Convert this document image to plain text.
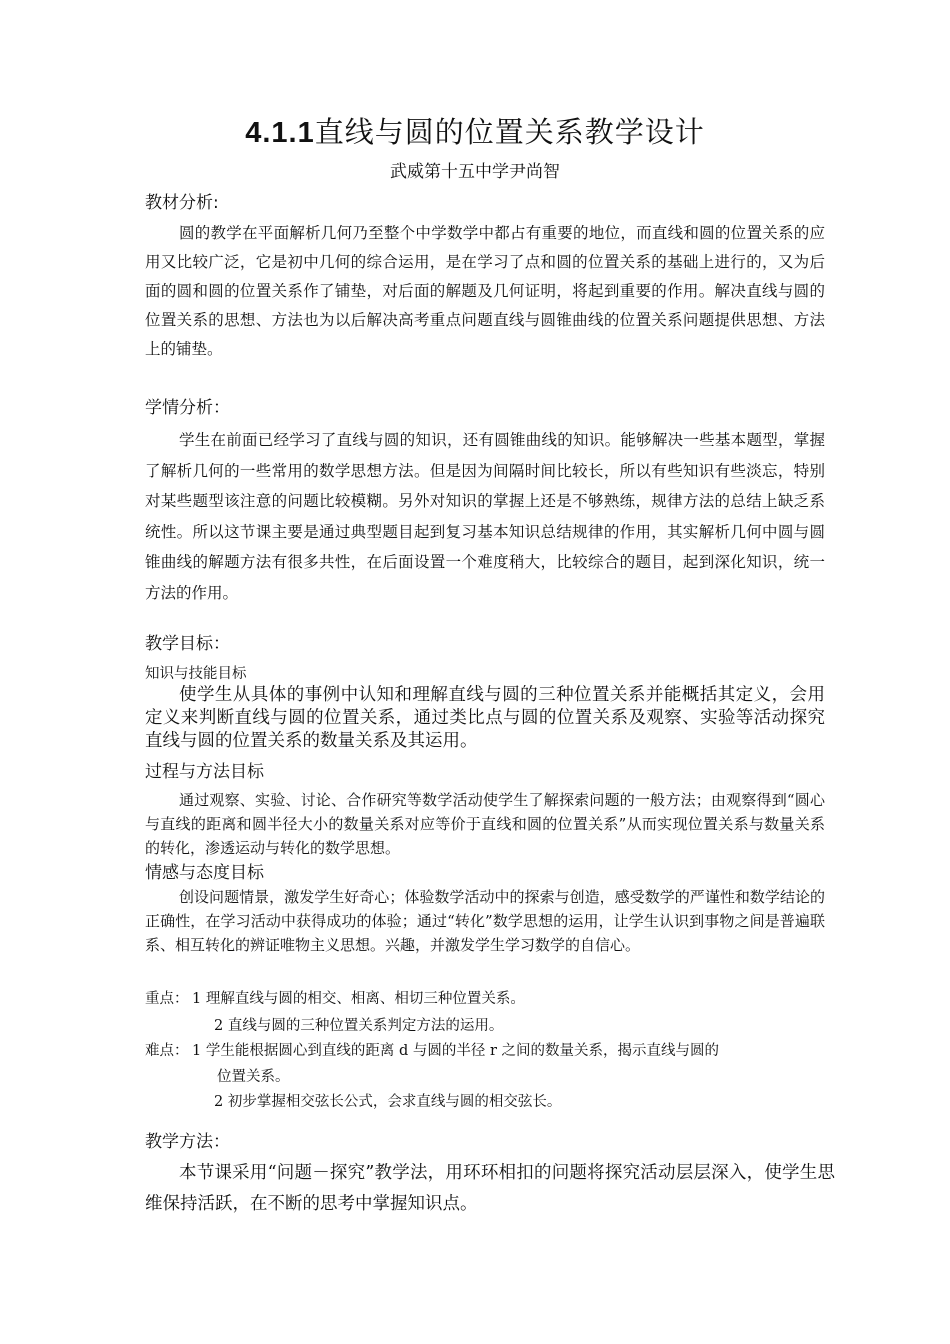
4.1.1直线与圆的位置关系教学设计
武威第十五中学尹尚智
教材分析:
圆的教学在平面解析几何乃至整个中学数学中都占有重要的地位，而直线和圆的位置关系的应用又比较广泛，它是初中几何的综合运用，是在学习了点和圆的位置关系的基础上进行的，又为后面的圆和圆的位置关系作了铺垫，对后面的解题及几何证明，将起到重要的作用。解决直线与圆的位置关系的思想、方法也为以后解决高考重点问题直线与圆锥曲线的位置关系问题提供思想、方法上的铺垫。
学情分析：
学生在前面已经学习了直线与圆的知识，还有圆锥曲线的知识。能够解决一些基本题型，掌握了解析几何的一些常用的数学思想方法。但是因为间隔时间比较长，所以有些知识有些淡忘，特别对某些题型该注意的问题比较模糊。另外对知识的掌握上还是不够熟练，规律方法的总结上缺乏系统性。所以这节课主要是通过典型题目起到复习基本知识总结规律的作用，其实解析几何中圆与圆锥曲线的解题方法有很多共性，在后面设置一个难度稍大，比较综合的题目，起到深化知识，统一方法的作用。
教学目标：
知识与技能目标
使学生从具体的事例中认知和理解直线与圆的三种位置关系并能概括其定义，会用定义来判断直线与圆的位置关系，通过类比点与圆的位置关系及观察、实验等活动探究直线与圆的位置关系的数量关系及其运用。
过程与方法目标
通过观察、实验、讨论、合作研究等数学活动使学生了解探索问题的一般方法；由观察得到“圆心与直线的距离和圆半径大小的数量关系对应等价于直线和圆的位置关系”从而实现位置关系与数量关系的转化，渗透运动与转化的数学思想。
情感与态度目标
创设问题情景，激发学生好奇心；体验数学活动中的探索与创造，感受数学的严谨性和数学结论的正确性，在学习活动中获得成功的体验；通过“转化”数学思想的运用，让学生认识到事物之间是普遍联系、相互转化的辨证唯物主义思想。兴趣，并激发学生学习数学的自信心。
重点： 1 理解直线与圆的相交、相离、相切三种位置关系。
2 直线与圆的三种位置关系判定方法的运用。
难点： 1 学生能根据圆心到直线的距离 d 与圆的半径 r 之间的数量关系，揭示直线与圆的
位置关系。
2 初步掌握相交弦长公式，会求直线与圆的相交弦长。
教学方法：
本节课采用“问题－探究”教学法，用环环相扣的问题将探究活动层层深入，使学生思维保持活跃，在不断的思考中掌握知识点。
